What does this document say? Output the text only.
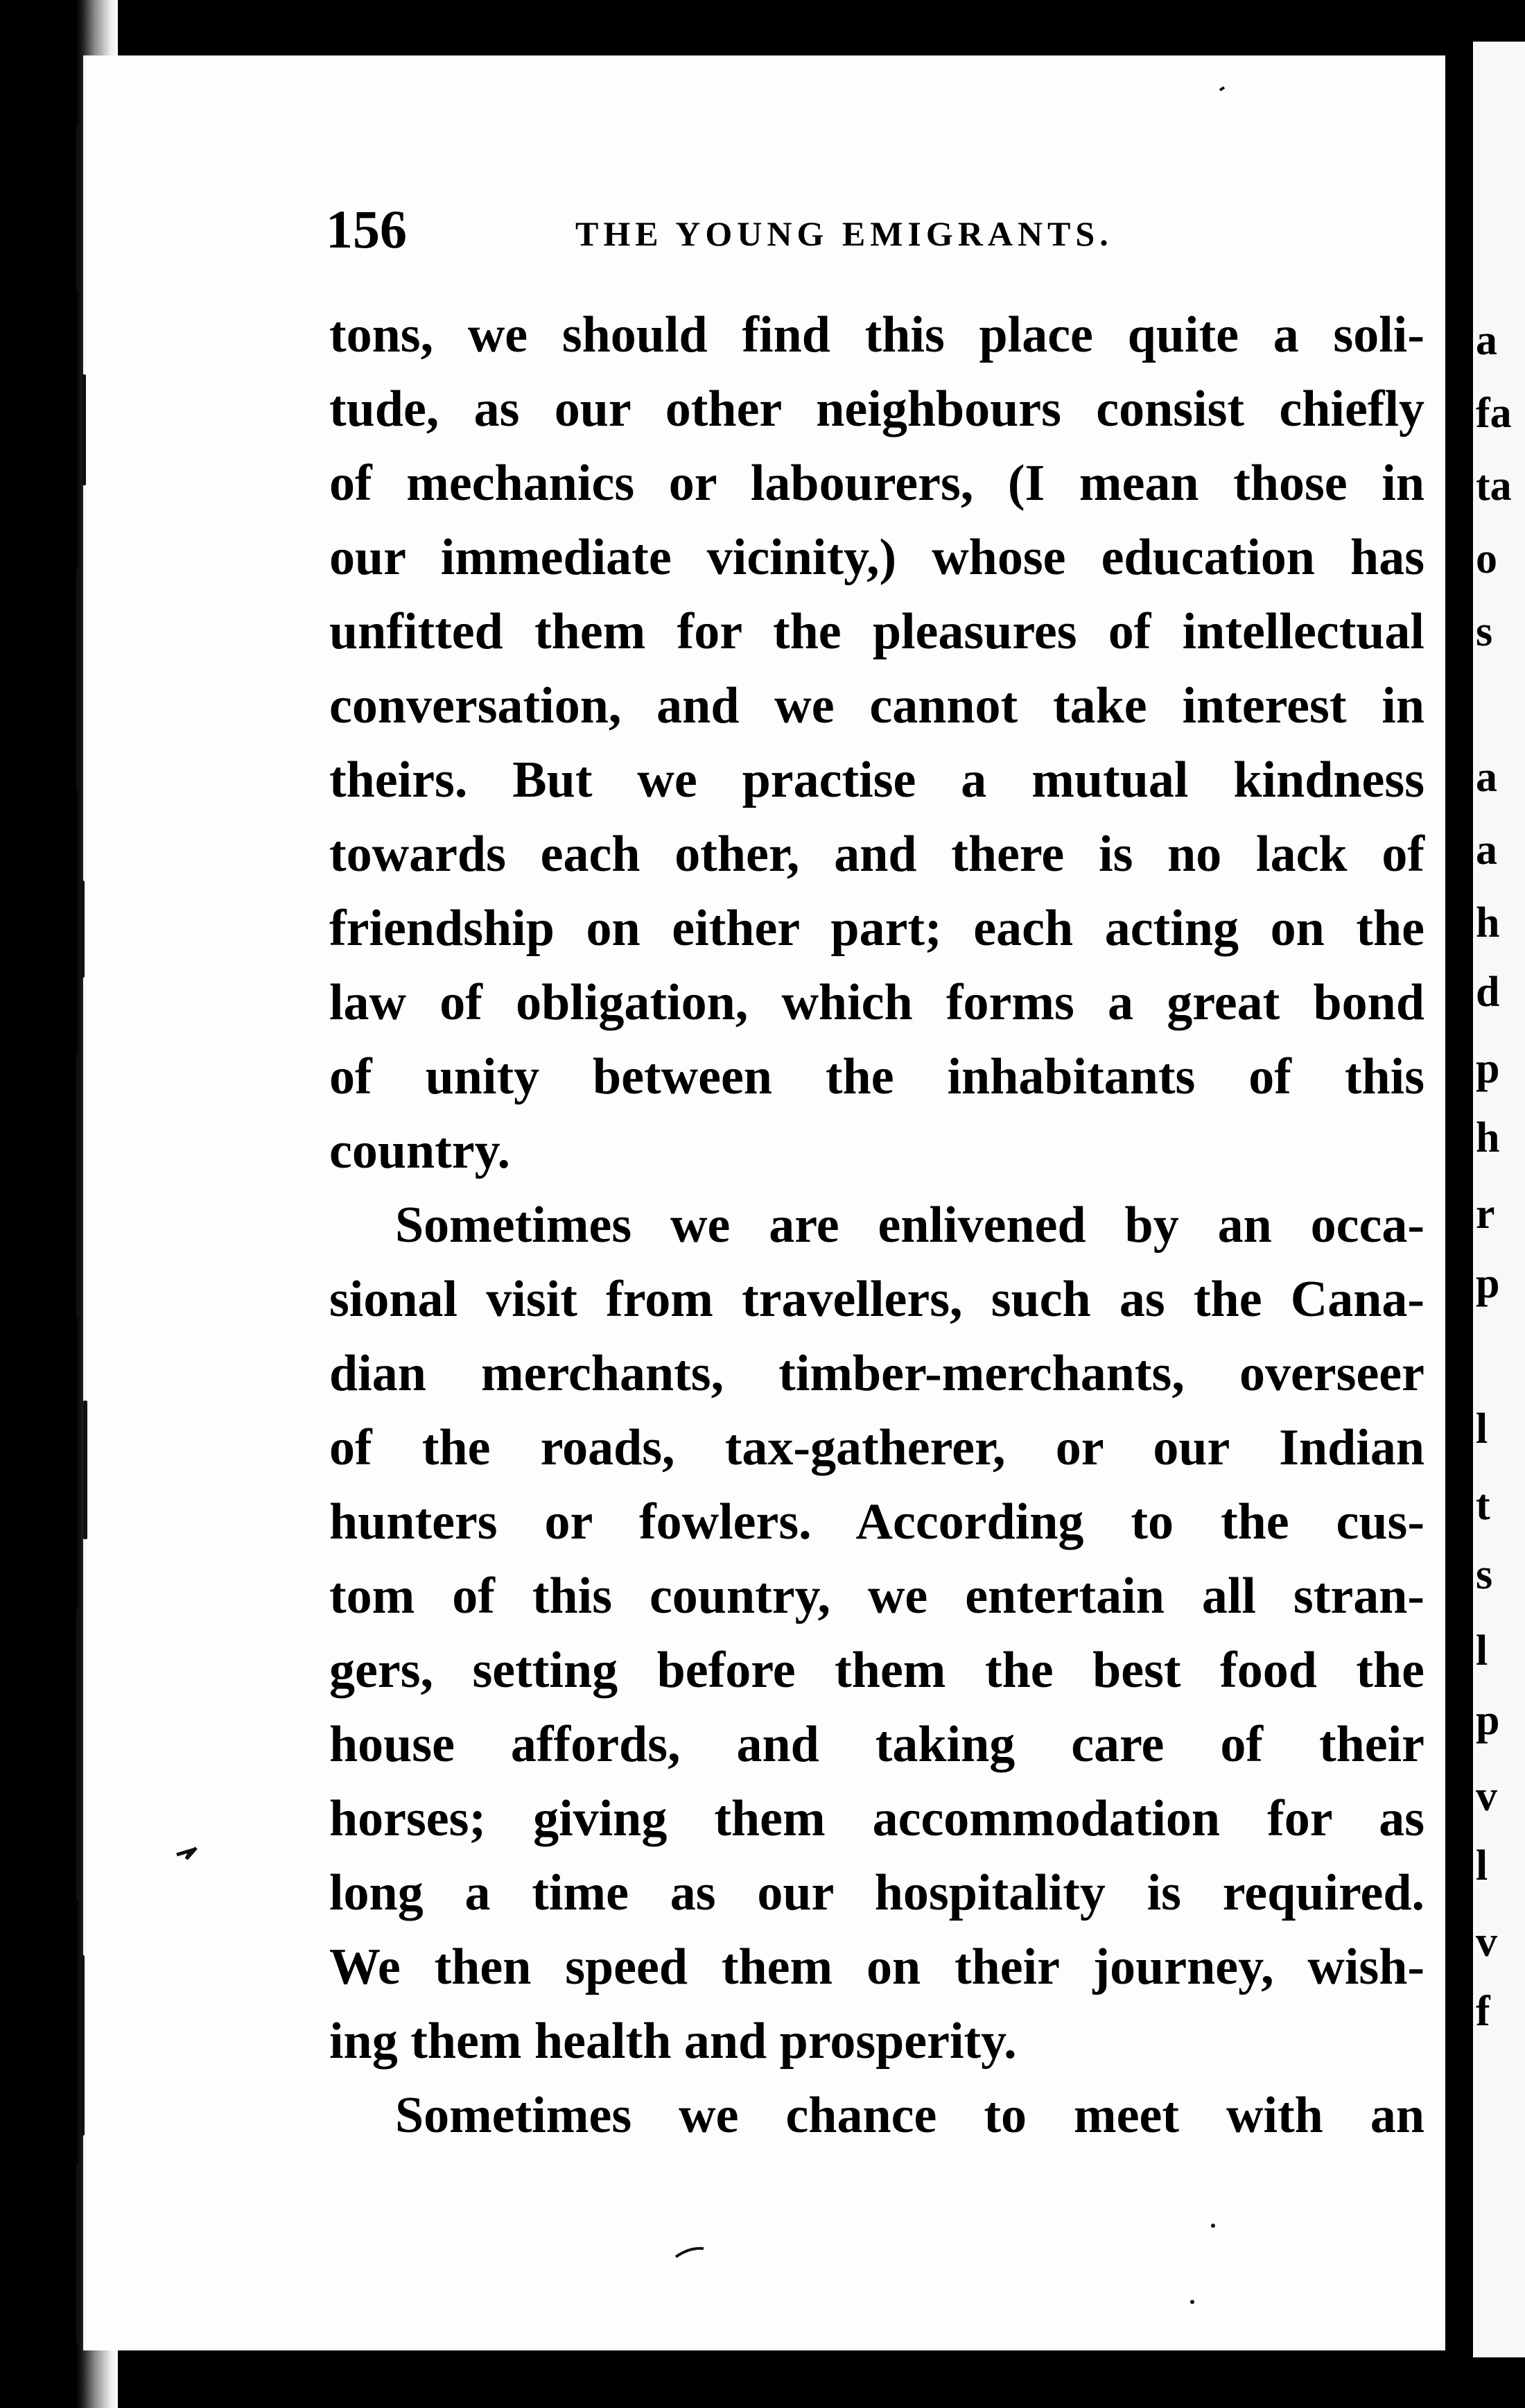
a
fa
ta
o
s
a
a
h
d
p
h
r
p
l
t
s
l
p
v
l
v
f
156	THE YOUNG EMIGRANTS.
tons, we should find this place quite a soli-
tude, as our other neighbours consist chiefly
of mechanics or labourers, (I mean those in
our immediate vicinity,) whose education has
unfitted them for the pleasures of intellectual
conversation, and we cannot take interest in
theirs. But we practise a mutual kindness
towards each other, and there is no lack of
friendship on either part; each acting on the
law of obligation, which forms a great bond
of unity between the inhabitants of this
country.
Sometimes we are enlivened by an occa-
sional visit from travellers, such as the Cana-
dian merchants, timber-merchants, overseer
of the roads, tax-gatherer, or our Indian
hunters or fowlers. According to the cus-
tom of this country, we entertain all stran-
gers, setting before them the best food the
house affords, and taking care of their
horses; giving them accommodation for as
long a time as our hospitality is required.
We then speed them on their journey, wish-
ing them health and prosperity.
Sometimes we chance to meet with an
